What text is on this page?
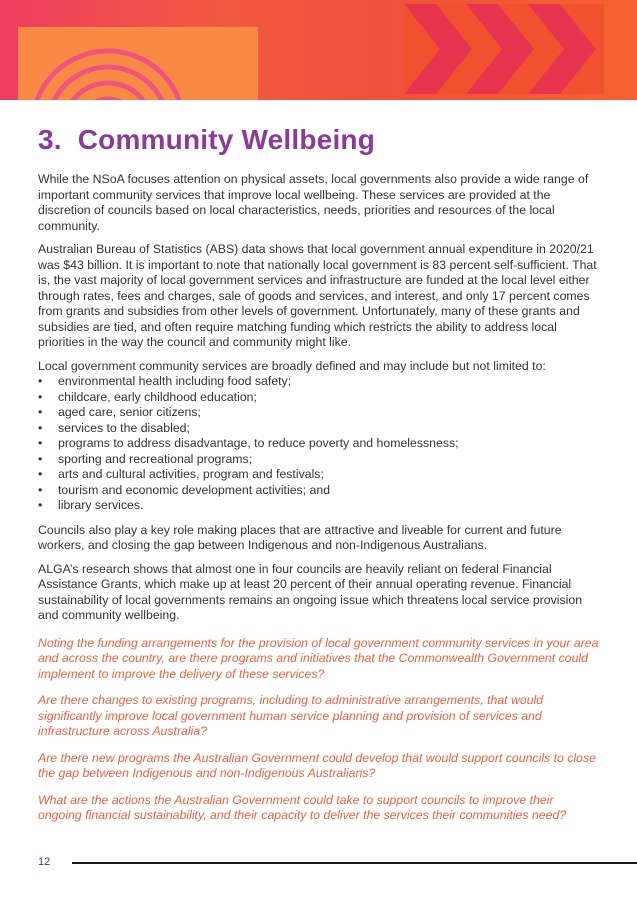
3. Community Wellbeing

While the NSoA focuses attention on physical assets, local governments also provide a wide range of important community services that improve local wellbeing. These services are provided at the discretion of councils based on local characteristics, needs, priorities and resources of the local community.

Australian Bureau of Statistics (ABS) data shows that local government annual expenditure in 2020/21 was $43 billion. It is important to note that nationally local government is 83 percent self-sufficient. That is, the vast majority of local government services and infrastructure are funded at the local level either through rates, fees and charges, sale of goods and services, and interest, and only 17 percent comes from grants and subsidies from other levels of government. Unfortunately, many of these grants and subsidies are tied, and often require matching funding which restricts the ability to address local priorities in the way the council and community might like.

Local government community services are broadly defined and may include but not limited to:

• environmental health including food safety;
• childcare, early childhood education;
• aged care, senior citizens;
• services to the disabled;
• programs to address disadvantage, to reduce poverty and homelessness;
• sporting and recreational programs;
• arts and cultural activities, program and festivals;
• tourism and economic development activities; and
• library services.

Councils also play a key role making places that are attractive and liveable for current and future workers, and closing the gap between Indigenous and non-Indigenous Australians.

ALGA’s research shows that almost one in four councils are heavily reliant on federal Financial Assistance Grants, which make up at least 20 percent of their annual operating revenue. Financial sustainability of local governments remains an ongoing issue which threatens local service provision and community wellbeing.

Noting the funding arrangements for the provision of local government community services in your area and across the country, are there programs and initiatives that the Commonwealth Government could implement to improve the delivery of these services?

Are there changes to existing programs, including to administrative arrangements, that would significantly improve local government human service planning and provision of services and infrastructure across Australia?

Are there new programs the Australian Government could develop that would support councils to close the gap between Indigenous and non-Indigenous Australians?

What are the actions the Australian Government could take to support councils to improve their ongoing financial sustainability, and their capacity to deliver the services their communities need?

12
